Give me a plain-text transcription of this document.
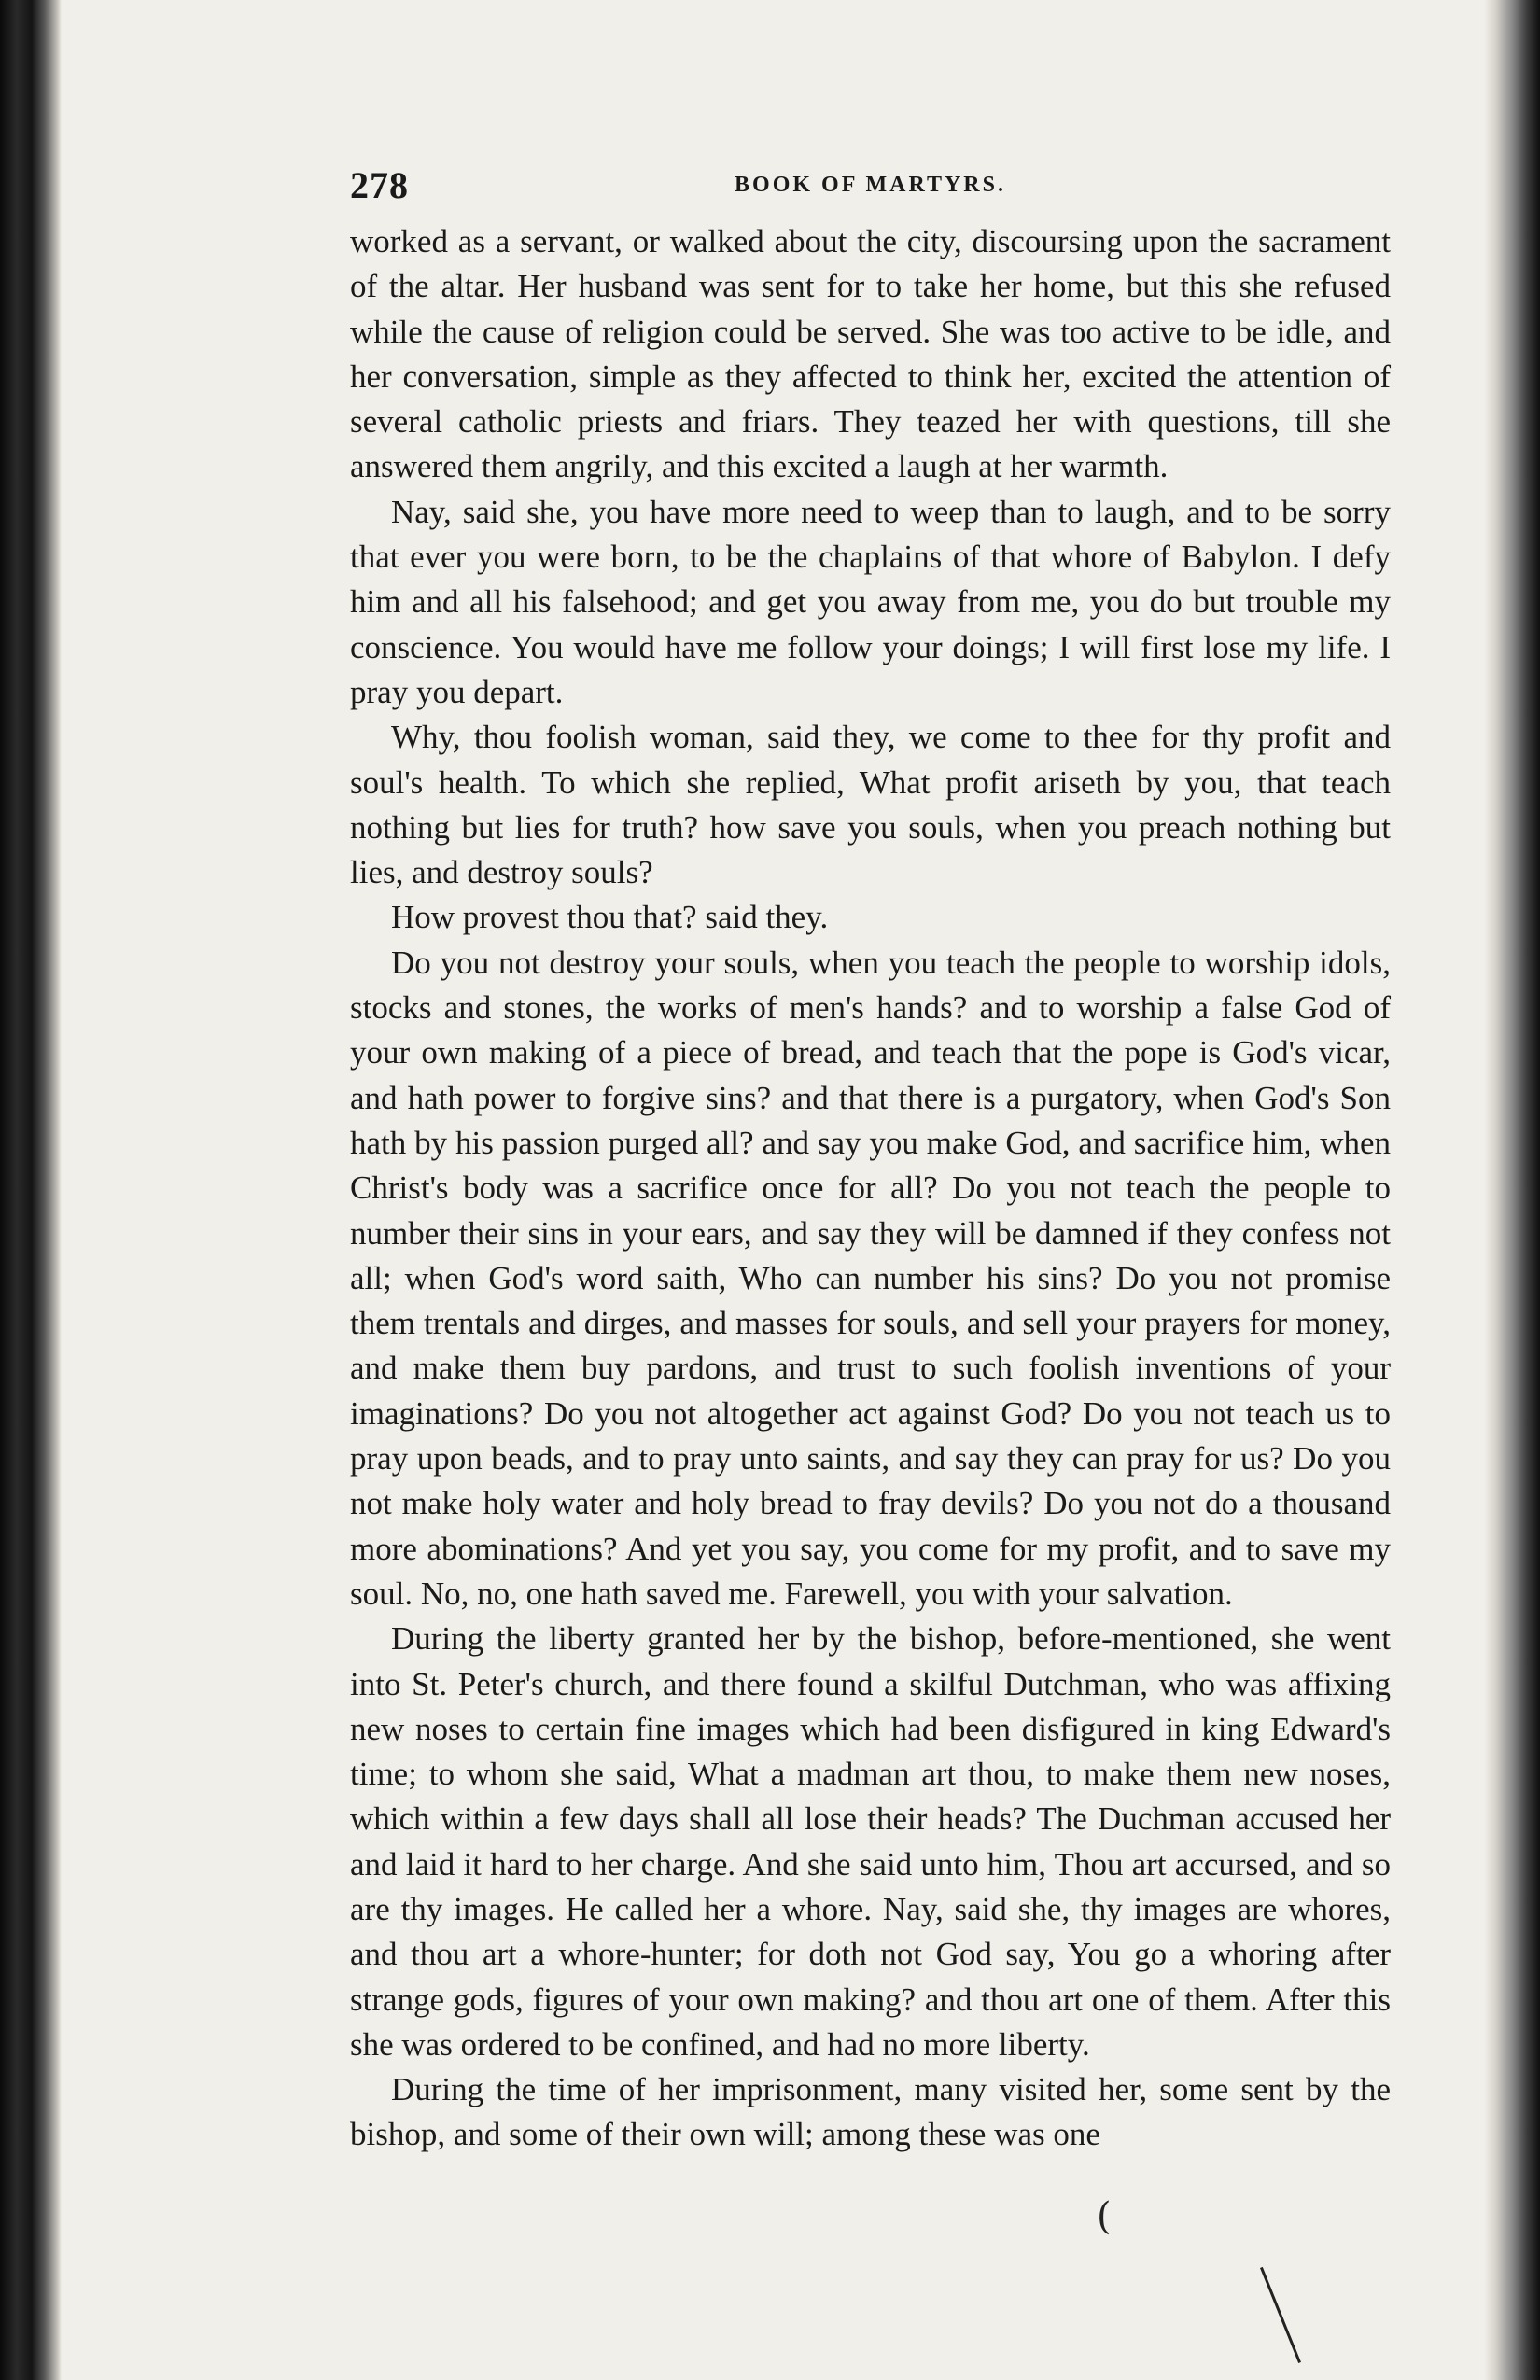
278	BOOK OF MARTYRS.

worked as a servant, or walked about the city, discoursing upon the sacrament of the altar. Her husband was sent for to take her home, but this she refused while the cause of religion could be served. She was too active to be idle, and her conversation, simple as they affected to think her, excited the attention of several catholic priests and friars. They teazed her with questions, till she answered them angrily, and this excited a laugh at her warmth.

Nay, said she, you have more need to weep than to laugh, and to be sorry that ever you were born, to be the chaplains of that whore of Babylon. I defy him and all his falsehood; and get you away from me, you do but trouble my conscience. You would have me follow your doings; I will first lose my life. I pray you depart.

Why, thou foolish woman, said they, we come to thee for thy profit and soul's health. To which she replied, What profit ariseth by you, that teach nothing but lies for truth? how save you souls, when you preach nothing but lies, and destroy souls?

How provest thou that? said they.

Do you not destroy your souls, when you teach the people to worship idols, stocks and stones, the works of men's hands? and to worship a false God of your own making of a piece of bread, and teach that the pope is God's vicar, and hath power to forgive sins? and that there is a purgatory, when God's Son hath by his passion purged all? and say you make God, and sacrifice him, when Christ's body was a sacrifice once for all? Do you not teach the people to number their sins in your ears, and say they will be damned if they confess not all; when God's word saith, Who can number his sins? Do you not promise them trentals and dirges, and masses for souls, and sell your prayers for money, and make them buy pardons, and trust to such foolish inventions of your imaginations? Do you not altogether act against God? Do you not teach us to pray upon beads, and to pray unto saints, and say they can pray for us? Do you not make holy water and holy bread to fray devils? Do you not do a thousand more abominations? And yet you say, you come for my profit, and to save my soul. No, no, one hath saved me. Farewell, you with your salvation.

During the liberty granted her by the bishop, before-mentioned, she went into St. Peter's church, and there found a skilful Dutchman, who was affixing new noses to certain fine images which had been disfigured in king Edward's time; to whom she said, What a madman art thou, to make them new noses, which within a few days shall all lose their heads? The Duchman accused her and laid it hard to her charge. And she said unto him, Thou art accursed, and so are thy images. He called her a whore. Nay, said she, thy images are whores, and thou art a whore-hunter; for doth not God say, You go a whoring after strange gods, figures of your own making? and thou art one of them. After this she was ordered to be confined, and had no more liberty.

During the time of her imprisonment, many visited her, some sent by the bishop, and some of their own will; among these was one

(
